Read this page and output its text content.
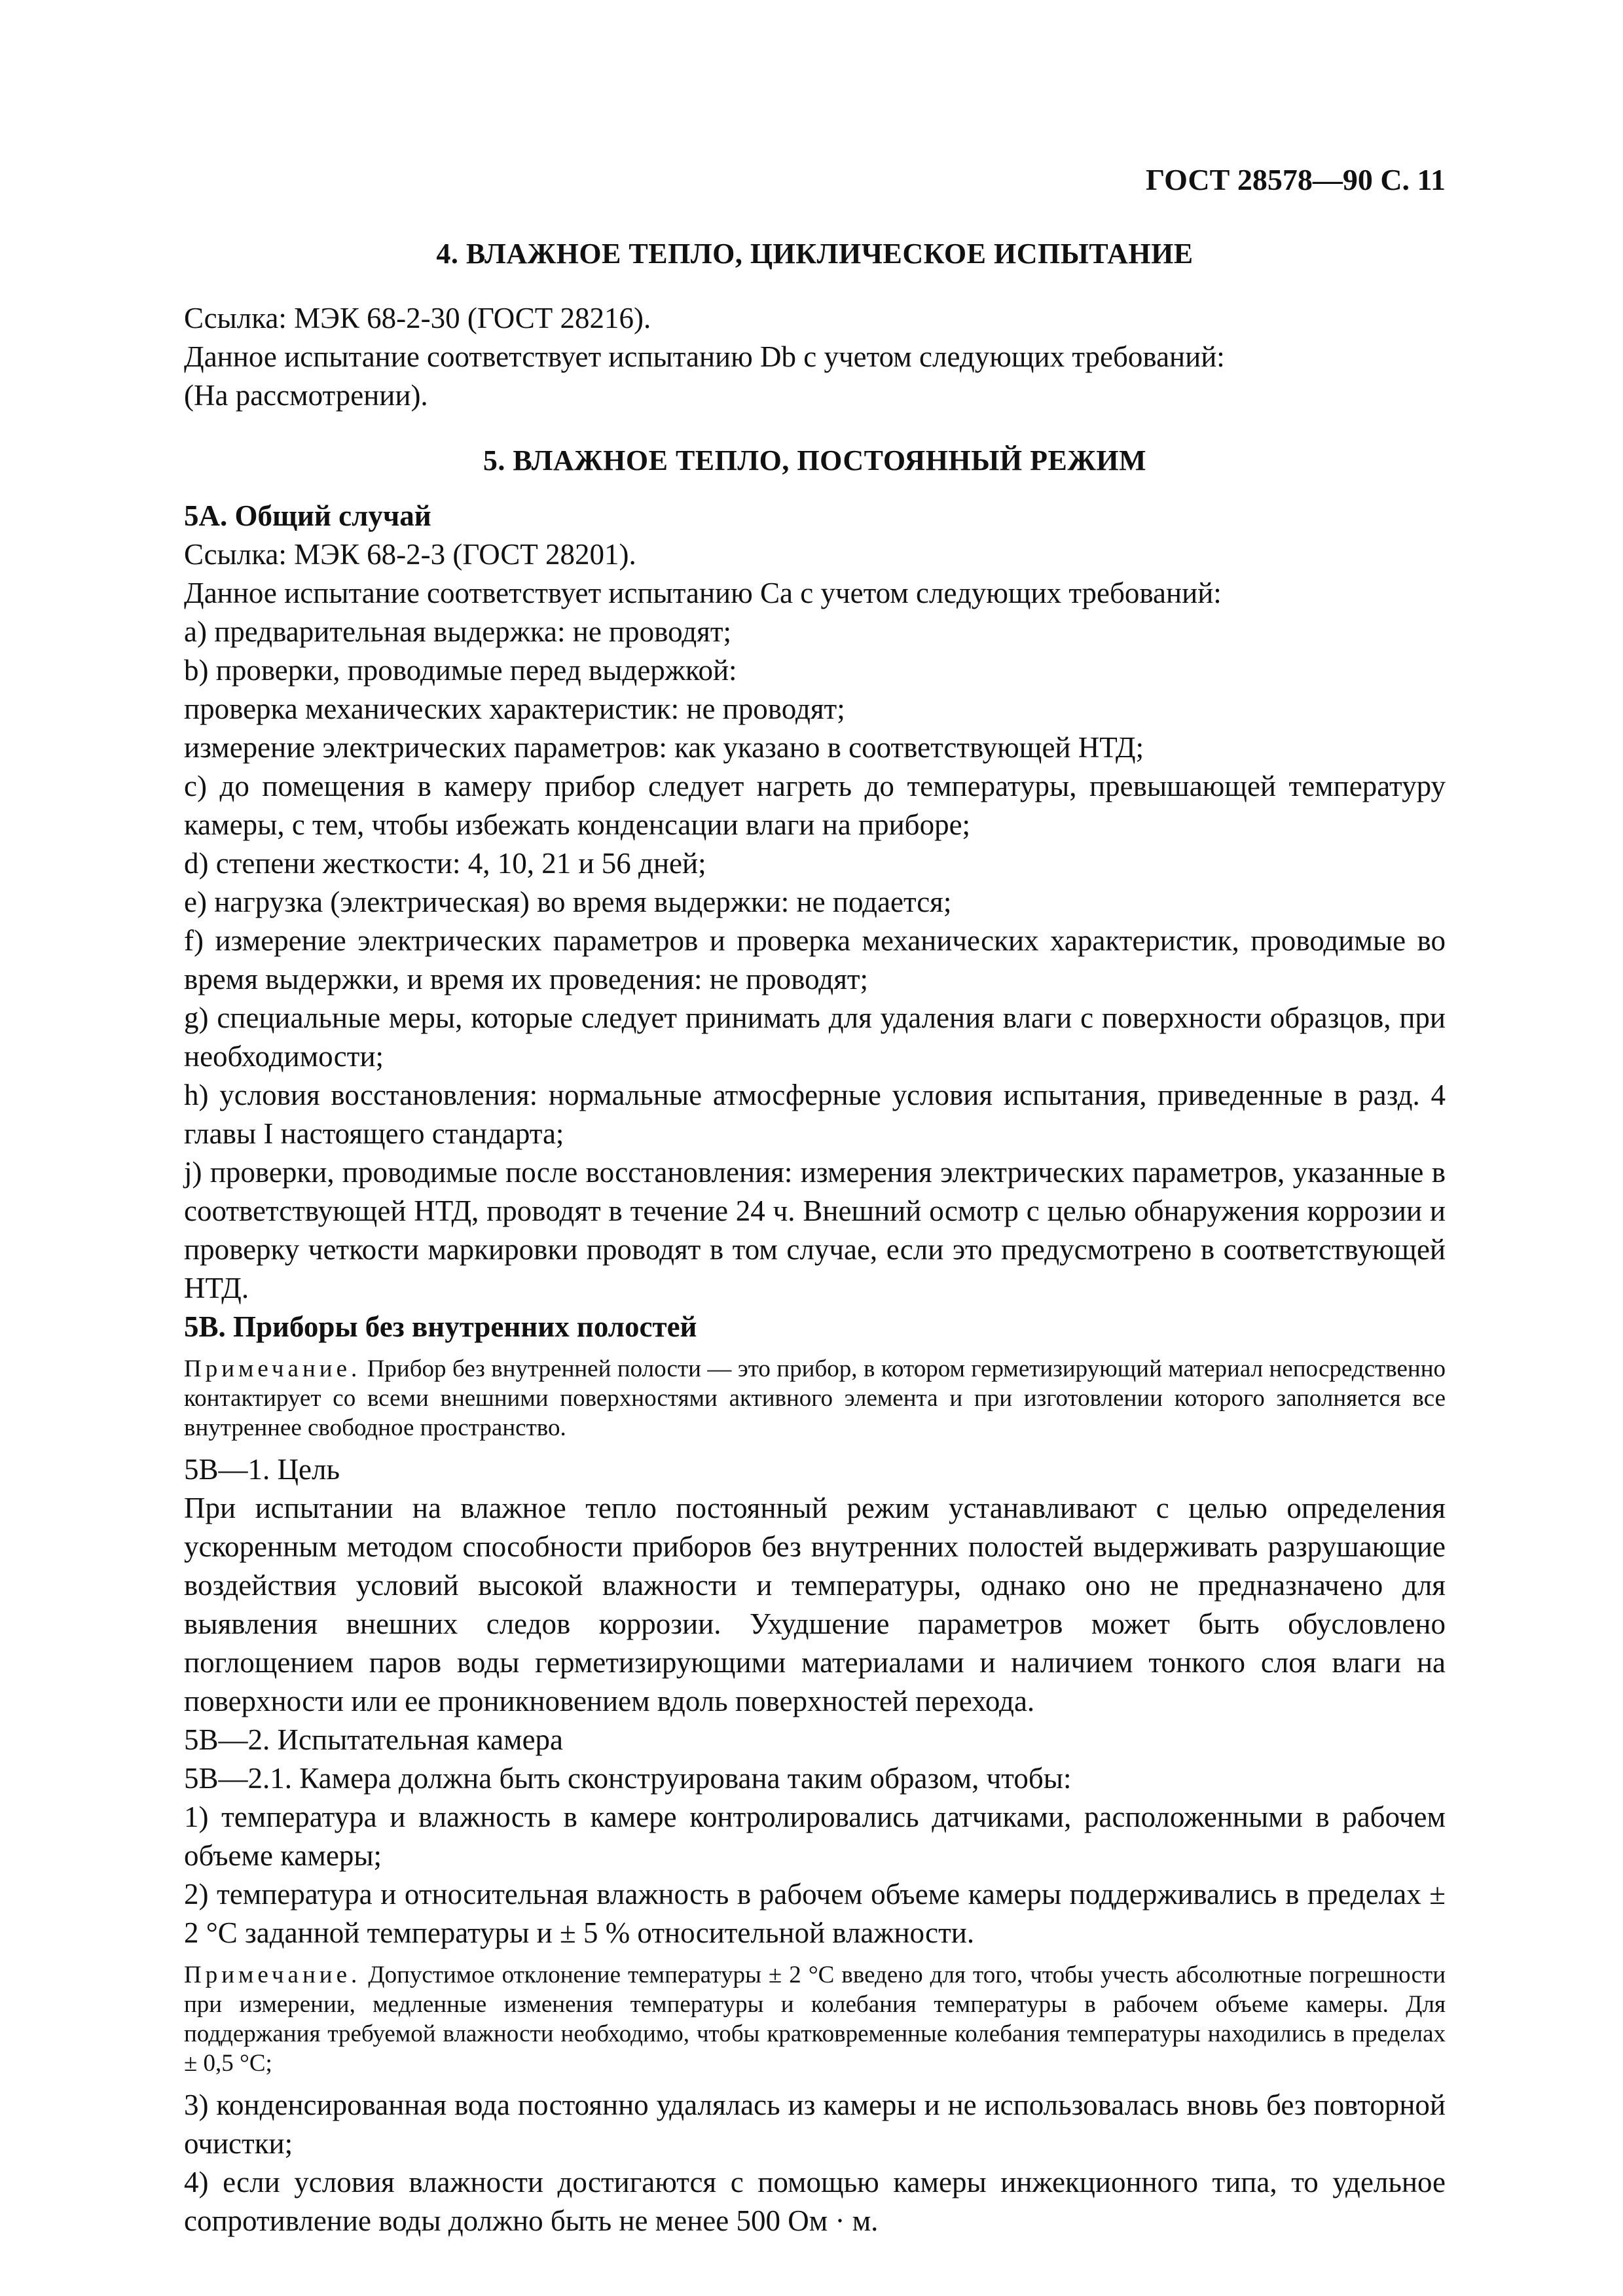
ГОСТ 28578—90 С. 11

4. ВЛАЖНОЕ ТЕПЛО, ЦИКЛИЧЕСКОЕ ИСПЫТАНИЕ

Ссылка: МЭК 68-2-30 (ГОСТ 28216).

Данное испытание соответствует испытанию Db с учетом следующих требований:

(На рассмотрении).

5. ВЛАЖНОЕ ТЕПЛО, ПОСТОЯННЫЙ РЕЖИМ

5А. Общий случай

Ссылка: МЭК 68-2-3 (ГОСТ 28201).

Данное испытание соответствует испытанию Са с учетом следующих требований:

a) предварительная выдержка: не проводят;

b) проверки, проводимые перед выдержкой:

проверка механических характеристик: не проводят;

измерение электрических параметров: как указано в соответствующей НТД;

c) до помещения в камеру прибор следует нагреть до температуры, превышающей температуру камеры, с тем, чтобы избежать конденсации влаги на приборе;

d) степени жесткости: 4, 10, 21 и 56 дней;

e) нагрузка (электрическая) во время выдержки: не подается;

f) измерение электрических параметров и проверка механических характеристик, проводимые во время выдержки, и время их проведения: не проводят;

g) специальные меры, которые следует принимать для удаления влаги с поверхности образцов, при необходимости;

h) условия восстановления: нормальные атмосферные условия испытания, приведенные в разд. 4 главы I настоящего стандарта;

j) проверки, проводимые после восстановления: измерения электрических параметров, указанные в соответствующей НТД, проводят в течение 24 ч. Внешний осмотр с целью обнаружения коррозии и проверку четкости маркировки проводят в том случае, если это предусмотрено в соответствующей НТД.

5В. Приборы без внутренних полостей

Примечание. Прибор без внутренней полости — это прибор, в котором герметизирующий материал непосредственно контактирует со всеми внешними поверхностями активного элемента и при изготовлении которого заполняется все внутреннее свободное пространство.

5В—1. Цель

При испытании на влажное тепло постоянный режим устанавливают с целью определения ускоренным методом способности приборов без внутренних полостей выдерживать разрушающие воздействия условий высокой влажности и температуры, однако оно не предназначено для выявления внешних следов коррозии. Ухудшение параметров может быть обусловлено поглощением паров воды герметизирующими материалами и наличием тонкого слоя влаги на поверхности или ее проникновением вдоль поверхностей перехода.

5В—2. Испытательная камера

5В—2.1. Камера должна быть сконструирована таким образом, чтобы:

1) температура и влажность в камере контролировались датчиками, расположенными в рабочем объеме камеры;

2) температура и относительная влажность в рабочем объеме камеры поддерживались в пределах ± 2 °С заданной температуры и ± 5 % относительной влажности.

Примечание. Допустимое отклонение температуры ± 2 °С введено для того, чтобы учесть абсолютные погрешности при измерении, медленные изменения температуры и колебания температуры в рабочем объеме камеры. Для поддержания требуемой влажности необходимо, чтобы кратковременные колебания температуры находились в пределах ± 0,5 °С;

3) конденсированная вода постоянно удалялась из камеры и не использовалась вновь без повторной очистки;

4) если условия влажности достигаются с помощью камеры инжекционного типа, то удельное сопротивление воды должно быть не менее 500 Ом · м.
